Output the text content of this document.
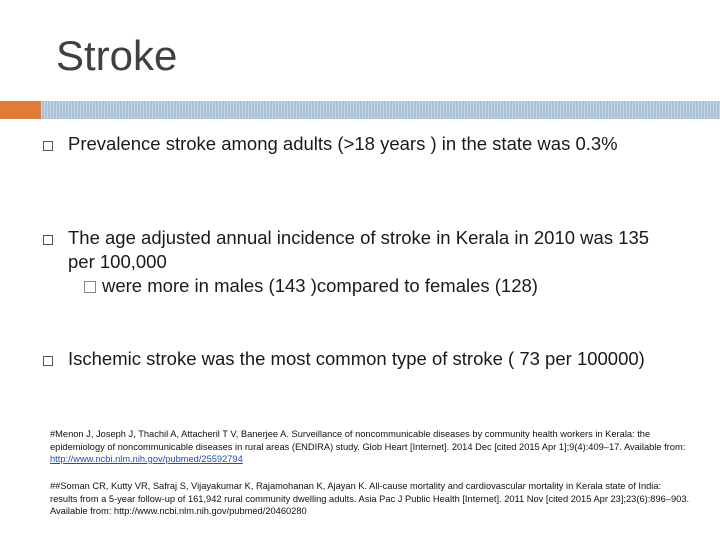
Stroke
Prevalence stroke among adults (>18 years ) in the state was 0.3%
The age adjusted annual incidence of stroke in Kerala in 2010 was 135 per 100,000
were more in males (143 )compared to females (128)
Ischemic stroke was the most common type of stroke ( 73 per 100000)
#Menon J, Joseph J, Thachil A, Attacheril T V, Banerjee A. Surveillance of noncommunicable diseases by community health workers in Kerala: the epidemiology of noncommunicable diseases in rural areas (ENDIRA) study. Glob Heart [Internet]. 2014 Dec [cited 2015 Apr 1];9(4):409–17. Available from: http://www.ncbi.nlm.nih.gov/pubmed/25592794
##Soman CR, Kutty VR, Safraj S, Vijayakumar K, Rajamohanan K, Ajayan K. All-cause mortality and cardiovascular mortality in Kerala state of India: results from a 5-year follow-up of 161,942 rural community dwelling adults. Asia Pac J Public Health [Internet]. 2011 Nov [cited 2015 Apr 23];23(6):896–903. Available from: http://www.ncbi.nlm.nih.gov/pubmed/20460280
